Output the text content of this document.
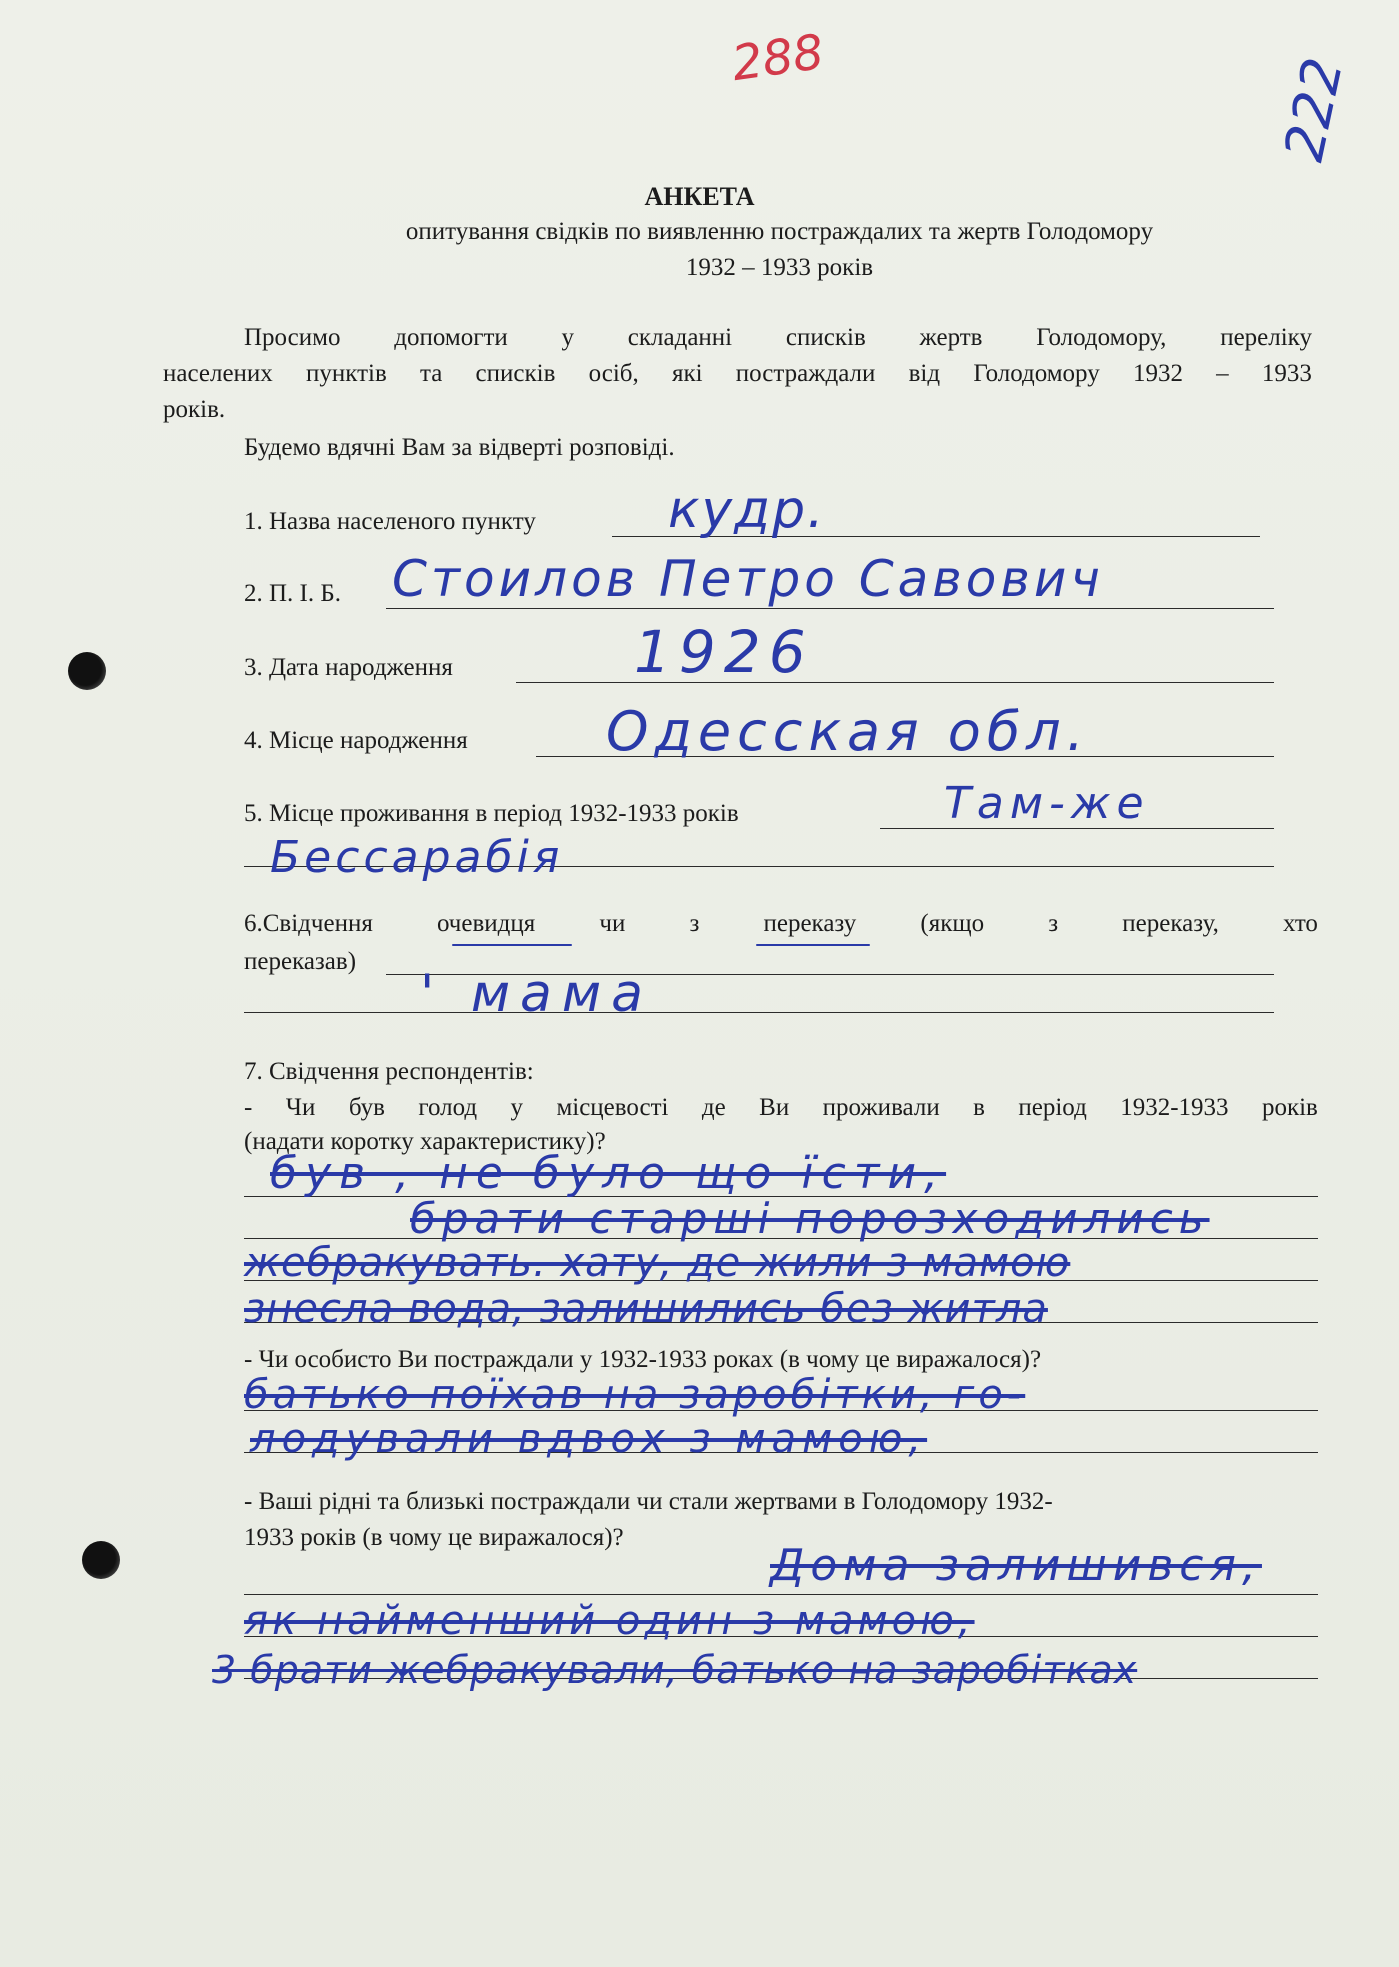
288	222
АНКЕТА
опитування свідків по виявленню постраждалих та жертв Голодомору
1932 – 1933 років
Просимо допомогти у складанні списків жертв Голодомору, переліку
населених пунктів та списків осіб, які постраждали від Голодомору 1932 – 1933
років.
Будемо вдячні Вам за відверті розповіді.
1. Назва населеного пункту	кудр.
2. П. І. Б. Стоилов Петро Савович
3. Дата народження	1926
4. Місце народження	Одесская обл.
5. Місце проживання в період 1932-1933 років	Там-же
Бессарабія
6.Свідчення	очевидця	чи	з	переказу	(якщо	з	переказу,	хто
переказав)
' мама
7. Свідчення респондентів:
- Чи був голод у місцевості де Ви проживали в період 1932-1933 років
(надати коротку характеристику)?
був , не було що їсти,
брати старші порозходились
жебракувать. хату, де жили з мамою
знесла вода, залишились без житла
- Чи особисто Ви постраждали у 1932-1933 роках (в чому це виражалося)?
батько поїхав на заробітки, го-
лодували вдвох з мамою,
- Ваші рідні та близькі постраждали чи стали жертвами в Голодомору 1932-
1933 років (в чому це виражалося)?
Дома залишився,
як найменший один з мамою,
3 брати жебракували, батько на заробітках
